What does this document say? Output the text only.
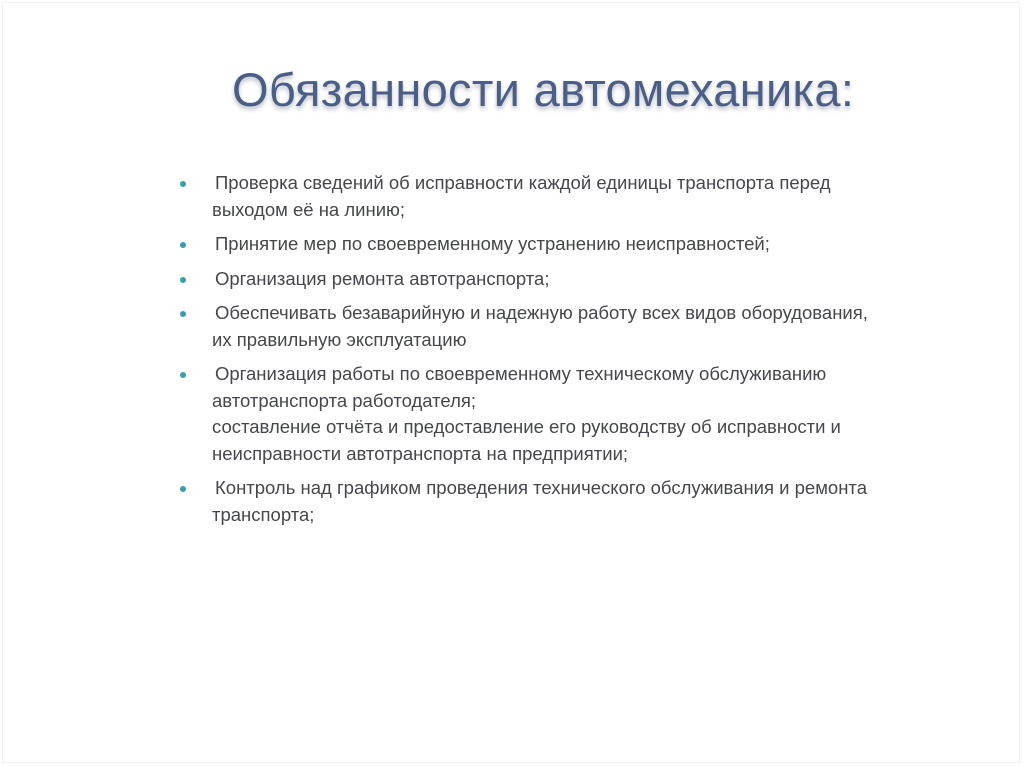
Обязанности автомеханика:
Проверка сведений об исправности каждой единицы транспорта перед
выходом её на линию;
Принятие мер по своевременному устранению неисправностей;
Организация ремонта автотранспорта;
Обеспечивать безаварийную и надежную работу всех видов оборудования,
их правильную эксплуатацию
Организация работы по своевременному техническому обслуживанию
автотранспорта работодателя;
составление отчёта и предоставление его руководству об исправности и
неисправности автотранспорта на предприятии;
Контроль над графиком проведения технического обслуживания и ремонта
транспорта;
